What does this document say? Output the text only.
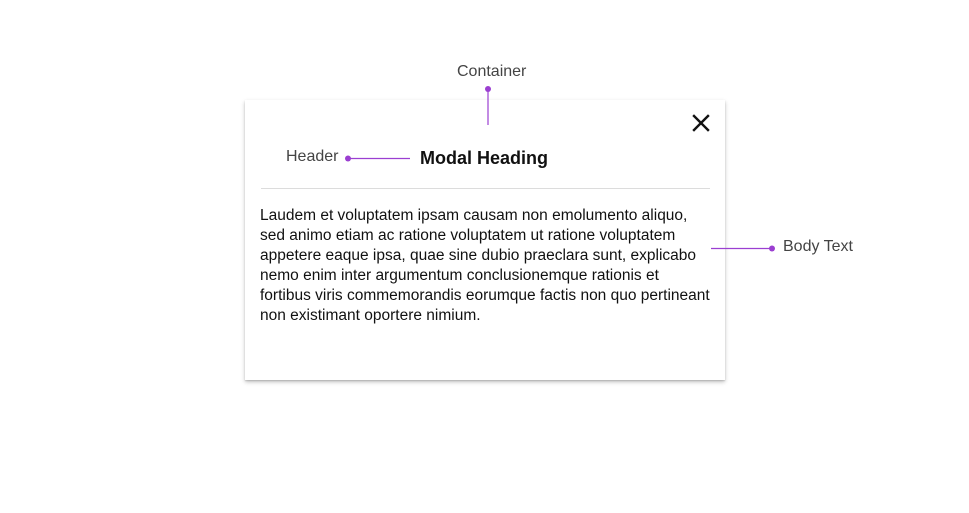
Modal Heading
Laudem et voluptatem ipsam causam non emolumento aliquo, sed animo etiam ac ratione voluptatem ut ratione voluptatem appetere eaque ipsa, quae sine dubio praeclara sunt, explicabo nemo enim inter argumentum conclusionemque rationis et fortibus viris commemorandis eorumque factis non quo pertineant non existimant oportere nimium.
Container
Header
Body Text
